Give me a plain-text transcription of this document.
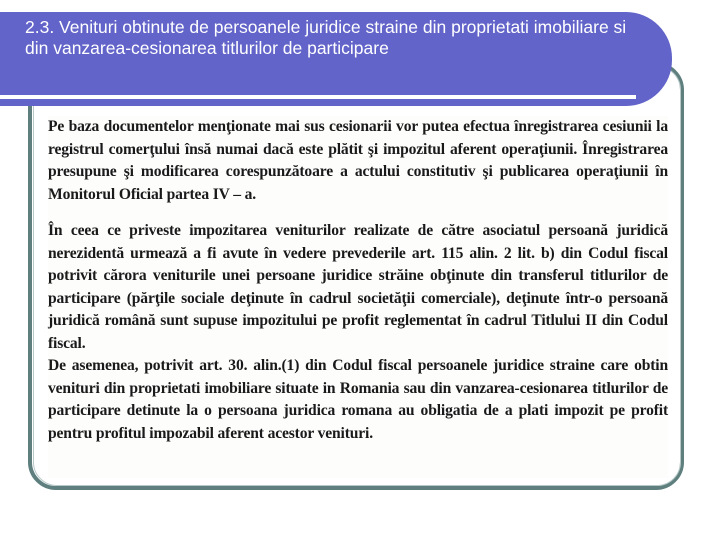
2.3. Venituri obtinute de persoanele juridice straine din proprietati imobiliare si din vanzarea-cesionarea titlurilor de participare

Pe baza documentelor menţionate mai sus cesionarii vor putea efectua înregistrarea cesiunii la registrul comerţului însă numai dacă este plătit şi impozitul aferent operaţiunii. Înregistrarea presupune şi modificarea corespunzătoare a actului constitutiv şi publicarea operaţiunii în Monitorul Oficial partea IV – a.

În ceea ce priveste impozitarea veniturilor realizate de către asociatul persoană juridică nerezidentă urmează a fi avute în vedere prevederile art. 115 alin. 2 lit. b) din Codul fiscal potrivit cărora veniturile unei persoane juridice străine obţinute din transferul titlurilor de participare (părţile sociale deţinute în cadrul societăţii comerciale), deţinute într-o persoană juridică română sunt supuse impozitului pe profit reglementat în cadrul Titlului II din Codul fiscal.

De asemenea, potrivit art. 30. alin.(1) din Codul fiscal persoanele juridice straine care obtin venituri din proprietati imobiliare situate in Romania sau din vanzarea-cesionarea titlurilor de participare detinute la o persoana juridica romana au obligatia de a plati impozit pe profit pentru profitul impozabil aferent acestor venituri.
